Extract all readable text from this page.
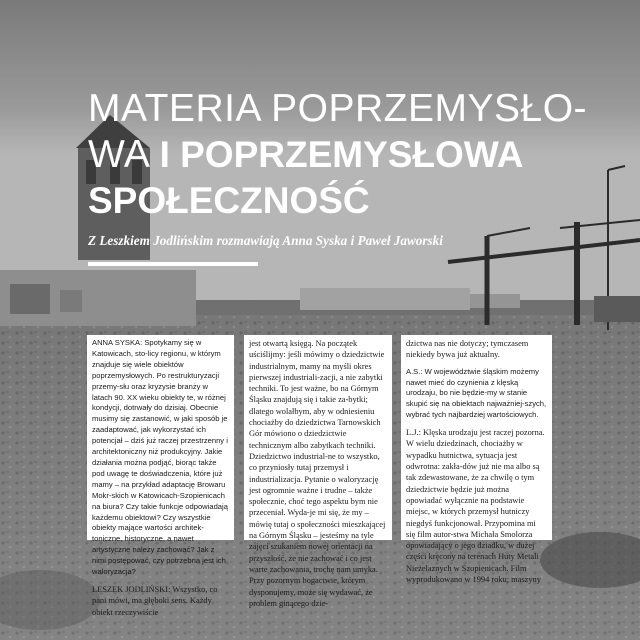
MATERIA POPRZEMYSŁO-
WA I POPRZEMYSŁOWA
SPOŁECZNOŚĆ

Z Leszkiem Jodlińskim rozmawiają Anna Syska i Paweł Jaworski

ANNA SYSKA: Spotykamy się w Katowicach, sto-licy regionu, w którym znajduje się wiele obiektów poprzemysłowych. Po restrukturyzacji przemy-słu oraz kryzysie branży w latach 90. XX wieku obiekty te, w różnej kondycji, dotrwały do dzisiaj. Obecnie musimy się zastanowić, w jaki sposób je zaadaptować, jak wykorzystać ich potencjał – dziś już raczej przestrzenny i architektoniczny niż produkcyjny. Jakie działania można podjąć, biorąc także pod uwagę te doświadczenia, które już mamy – na przykład adaptację Browaru Mokr-skich w Katowicach-Szopienicach na biura? Czy takie funkcje odpowiadają każdemu obiektowi? Czy wszystkie obiekty mające wartości architek-toniczne, historyczne, a nawet artystyczne należy zachować? Jak z nimi postępować, czy potrzebna jest ich waloryzacja?

LESZEK JODLIŃSKI: Wszystko, co pani mówi, ma głęboki sens. Każdy obiekt rzeczywiście

jest otwartą księgą. Na początek uściślijmy: jeśli mówimy o dziedzictwie industrialnym, mamy na myśli okres pierwszej industriali-zacji, a nie zabytki techniki. To jest ważne, bo na Górnym Śląsku znajdują się i takie za-bytki; dlatego wolałbym, aby w odniesieniu chociażby do dziedzictwa Tarnowskich Gór mówiono o dziedzictwie technicznym albo zabytkach techniki. Dziedzictwo industrial-ne to wszystko, co przyniosły tutaj przemysł i industrializacja. Pytanie o waloryzację jest ogromnie ważne i trudne – także społecznie, choć tego aspektu bym nie przeceniał. Wyda-je mi się, że my – mówię tutaj o społeczności mieszkającej na Górnym Śląsku – jesteśmy na tyle zajęci szukaniem nowej orientacji na przyszłość, że nie zachować i co jest warte zachowania, trochę nam umyka. Przy pozornym bogactwie, którym dysponujemy, może się wydawać, że problem ginącego dzie-

dzictwa nas nie dotyczy; tymczasem niekiedy bywa już aktualny.

A.S.: W województwie śląskim możemy nawet mieć do czynienia z klęską urodzaju, bo nie będzie-my w stanie skupić się na obiektach najważniej-szych, wybrać tych najbardziej wartościowych.

L.J.: Klęska urodzaju jest raczej pozorna. W wielu dziedzinach, chociażby w wypadku hutnictwa, sytuacja jest odwrotna: zakła-dów już nie ma albo są tak zdewastowane, że za chwilę o tym dziedzictwie będzie już można opowiadać wyłącznie na podstawie miejsc, w których przemysł hutniczy niegdyś funkcjonował. Przypomina mi się film autor-stwa Michała Smolorza opowiadający o jego dziadku, w dużej części kręcony na terenach Huty Metali Nieżelaznych w Szopienicach. Film wyprodukowano w 1994 roku; maszyny
